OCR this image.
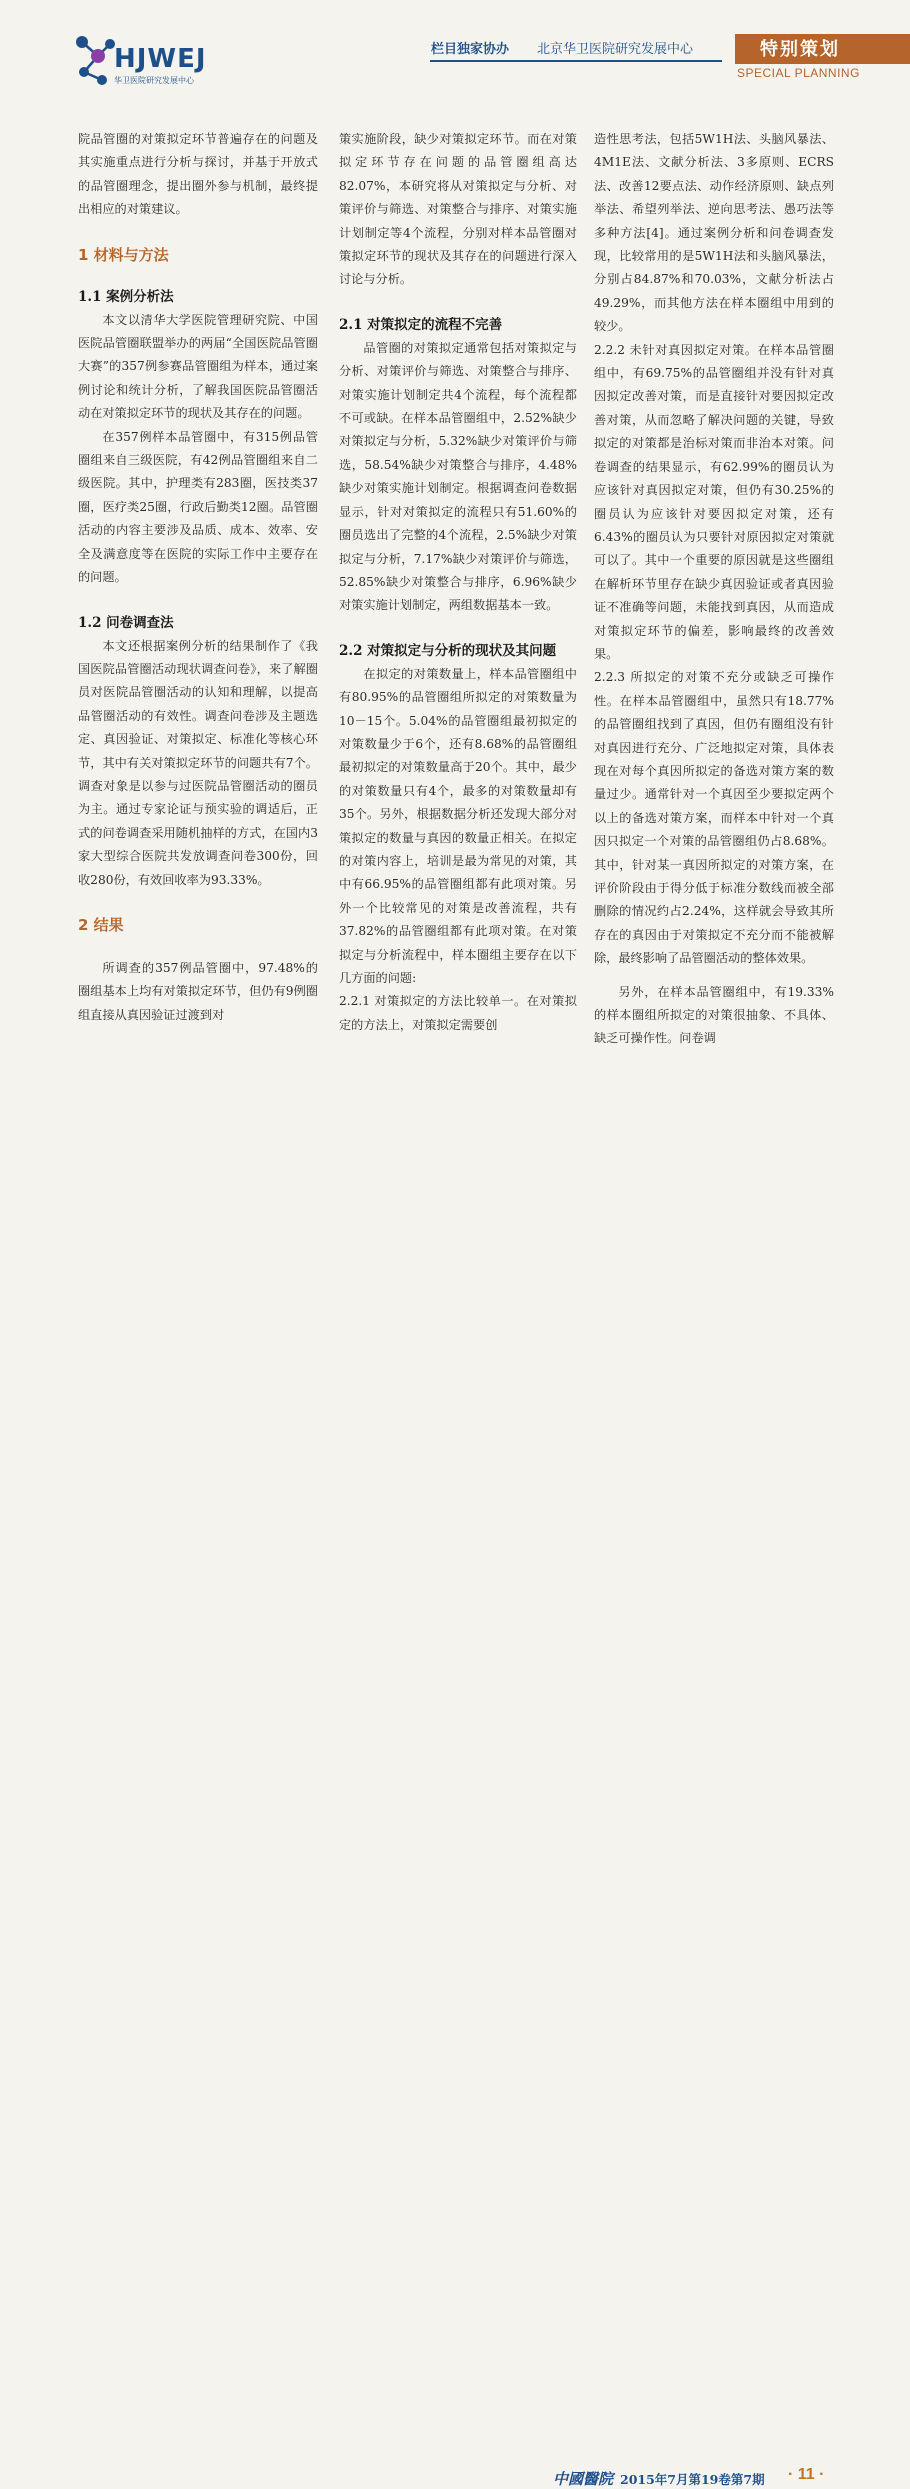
HJWEJ
华卫医院研究发展中心
栏目独家协办 北京华卫医院研究发展中心	特别策划
SPECIAL PLANNING

院品管圈的对策拟定环节普遍存在的问题及其实施重点进行分析与探讨，并基于开放式的品管圈理念，提出圈外参与机制，最终提出相应的对策建议。

1 材料与方法
1.1 案例分析法

本文以清华大学医院管理研究院、中国医院品管圈联盟举办的两届“全国医院品管圈大赛”的357例参赛品管圈组为样本，通过案例讨论和统计分析，了解我国医院品管圈活动在对策拟定环节的现状及其存在的问题。

在357例样本品管圈中，有315例品管圈组来自三级医院，有42例品管圈组来自二级医院。其中，护理类有283圈，医技类37圈，医疗类25圈，行政后勤类12圈。品管圈活动的内容主要涉及品质、成本、效率、安全及满意度等在医院的实际工作中主要存在的问题。

1.2 问卷调查法

本文还根据案例分析的结果制作了《我国医院品管圈活动现状调查问卷》，来了解圈员对医院品管圈活动的认知和理解，以提高品管圈活动的有效性。调查问卷涉及主题选定、真因验证、对策拟定、标准化等核心环节，其中有关对策拟定环节的问题共有7个。调查对象是以参与过医院品管圈活动的圈员为主。通过专家论证与预实验的调适后，正式的问卷调查采用随机抽样的方式，在国内3家大型综合医院共发放调查问卷300份，回收280份，有效回收率为93.33%。

2 结果

所调查的357例品管圈中，97.48%的圈组基本上均有对策拟定环节，但仍有9例圈组直接从真因验证过渡到对

策实施阶段，缺少对策拟定环节。而在对策拟定环节存在问题的品管圈组高达82.07%，本研究将从对策拟定与分析、对策评价与筛选、对策整合与排序、对策实施计划制定等4个流程，分别对样本品管圈对策拟定环节的现状及其存在的问题进行深入讨论与分析。

2.1 对策拟定的流程不完善

品管圈的对策拟定通常包括对策拟定与分析、对策评价与筛选、对策整合与排序、对策实施计划制定共4个流程，每个流程都不可或缺。在样本品管圈组中，2.52%缺少对策拟定与分析，5.32%缺少对策评价与筛选，58.54%缺少对策整合与排序，4.48%缺少对策实施计划制定。根据调查问卷数据显示，针对对策拟定的流程只有51.60%的圈员选出了完整的4个流程，2.5%缺少对策拟定与分析，7.17%缺少对策评价与筛选，52.85%缺少对策整合与排序，6.96%缺少对策实施计划制定，两组数据基本一致。

2.2 对策拟定与分析的现状及其问题

在拟定的对策数量上，样本品管圈组中有80.95%的品管圈组所拟定的对策数量为10－15个。5.04%的品管圈组最初拟定的对策数量少于6个，还有8.68%的品管圈组最初拟定的对策数量高于20个。其中，最少的对策数量只有4个，最多的对策数量却有35个。另外，根据数据分析还发现大部分对策拟定的数量与真因的数量正相关。在拟定的对策内容上，培训是最为常见的对策，其中有66.95%的品管圈组都有此项对策。另外一个比较常见的对策是改善流程，共有37.82%的品管圈组都有此项对策。在对策拟定与分析流程中，样本圈组主要存在以下几方面的问题:

2.2.1 对策拟定的方法比较单一。在对策拟定的方法上，对策拟定需要创

造性思考法，包括5W1H法、头脑风暴法、4M1E法、文献分析法、3多原则、ECRS法、改善12要点法、动作经济原则、缺点列举法、希望列举法、逆向思考法、愚巧法等多种方法[4]。通过案例分析和问卷调查发现，比较常用的是5W1H法和头脑风暴法，分别占84.87%和70.03%，文献分析法占49.29%，而其他方法在样本圈组中用到的较少。

2.2.2 未针对真因拟定对策。在样本品管圈组中，有69.75%的品管圈组并没有针对真因拟定改善对策，而是直接针对要因拟定改善对策，从而忽略了解决问题的关键，导致拟定的对策都是治标对策而非治本对策。问卷调查的结果显示，有62.99%的圈员认为应该针对真因拟定对策，但仍有30.25%的圈员认为应该针对要因拟定对策，还有6.43%的圈员认为只要针对原因拟定对策就可以了。其中一个重要的原因就是这些圈组在解析环节里存在缺少真因验证或者真因验证不准确等问题，未能找到真因，从而造成对策拟定环节的偏差，影响最终的改善效果。

2.2.3 所拟定的对策不充分或缺乏可操作性。在样本品管圈组中，虽然只有18.77%的品管圈组找到了真因，但仍有圈组没有针对真因进行充分、广泛地拟定对策，具体表现在对每个真因所拟定的备选对策方案的数量过少。通常针对一个真因至少要拟定两个以上的备选对策方案，而样本中针对一个真因只拟定一个对策的品管圈组仍占8.68%。其中，针对某一真因所拟定的对策方案，在评价阶段由于得分低于标准分数线而被全部删除的情况约占2.24%，这样就会导致其所存在的真因由于对策拟定不充分而不能被解除，最终影响了品管圈活动的整体效果。

另外，在样本品管圈组中，有19.33%的样本圈组所拟定的对策很抽象、不具体、缺乏可操作性。问卷调

中國醫院 2015年7月第19卷第7期 · 11 ·
